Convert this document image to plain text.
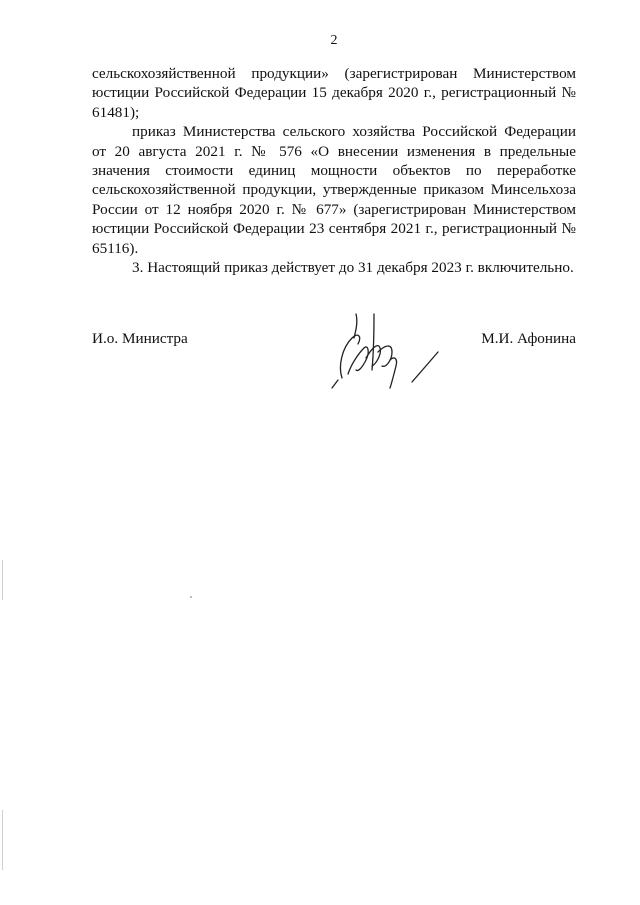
2

сельскохозяйственной продукции» (зарегистрирован Министерством юстиции Российской Федерации 15 декабря 2020 г., регистрационный № 61481);

приказ Министерства сельского хозяйства Российской Федерации от 20 августа 2021 г. № 576 «О внесении изменения в предельные значения стоимости единиц мощности объектов по переработке сельскохозяйственной продукции, утвержденные приказом Минсельхоза России от 12 ноября 2020 г. № 677» (зарегистрирован Министерством юстиции Российской Федерации 23 сентября 2021 г., регистрационный № 65116).

3. Настоящий приказ действует до 31 декабря 2023 г. включительно.

И.о. Министра	М.И. Афонина
